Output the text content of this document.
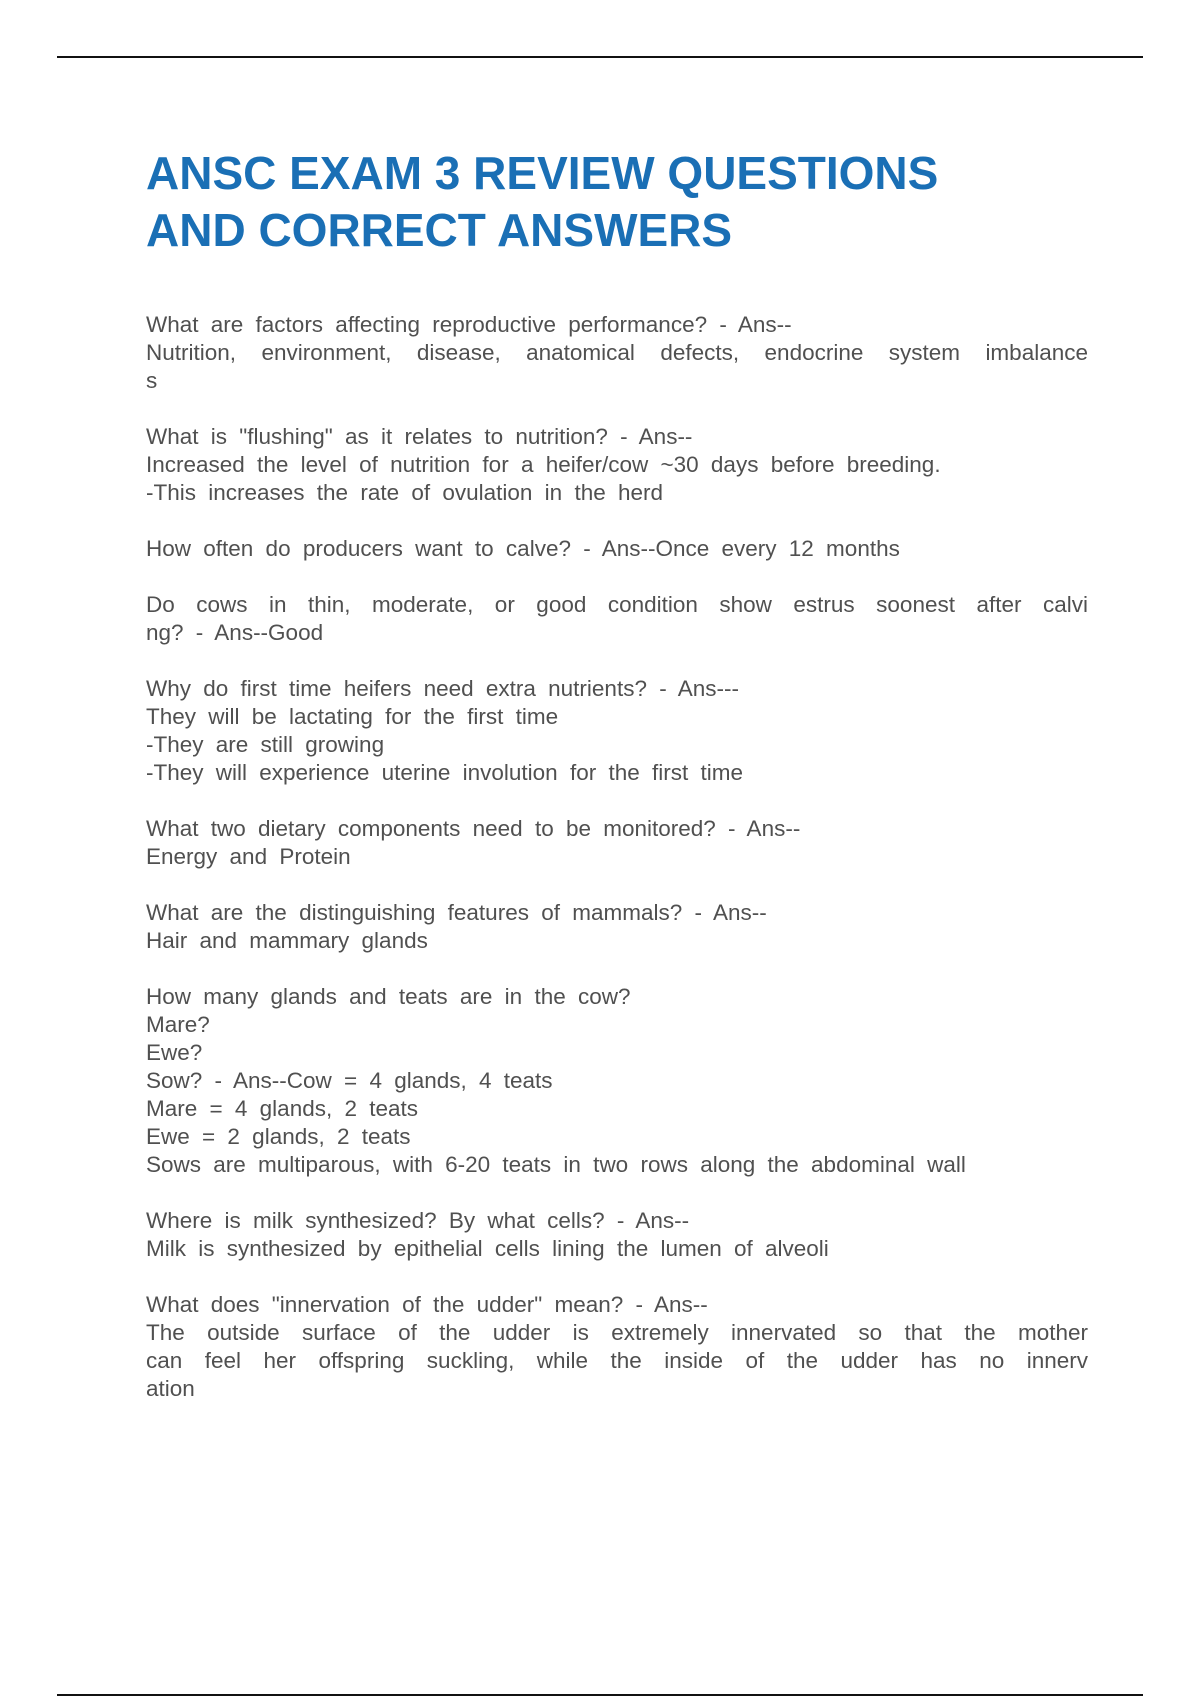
ANSC EXAM 3 REVIEW QUESTIONS
AND CORRECT ANSWERS
What are factors affecting reproductive performance? - Ans--
Nutrition, environment, disease, anatomical defects, endocrine system imbalance
s
What is "flushing" as it relates to nutrition? - Ans--
Increased the level of nutrition for a heifer/cow ~30 days before breeding.
-This increases the rate of ovulation in the herd
How often do producers want to calve? - Ans--Once every 12 months
Do cows in thin, moderate, or good condition show estrus soonest after calvi
ng? - Ans--Good
Why do first time heifers need extra nutrients? - Ans---
They will be lactating for the first time
-They are still growing
-They will experience uterine involution for the first time
What two dietary components need to be monitored? - Ans--
Energy and Protein
What are the distinguishing features of mammals? - Ans--
Hair and mammary glands
How many glands and teats are in the cow?
Mare?
Ewe?
Sow? - Ans--Cow = 4 glands, 4 teats
Mare = 4 glands, 2 teats
Ewe = 2 glands, 2 teats
Sows are multiparous, with 6-20 teats in two rows along the abdominal wall
Where is milk synthesized? By what cells? - Ans--
Milk is synthesized by epithelial cells lining the lumen of alveoli
What does "innervation of the udder" mean? - Ans--
The outside surface of the udder is extremely innervated so that the mother
can feel her offspring suckling, while the inside of the udder has no innerv
ation
